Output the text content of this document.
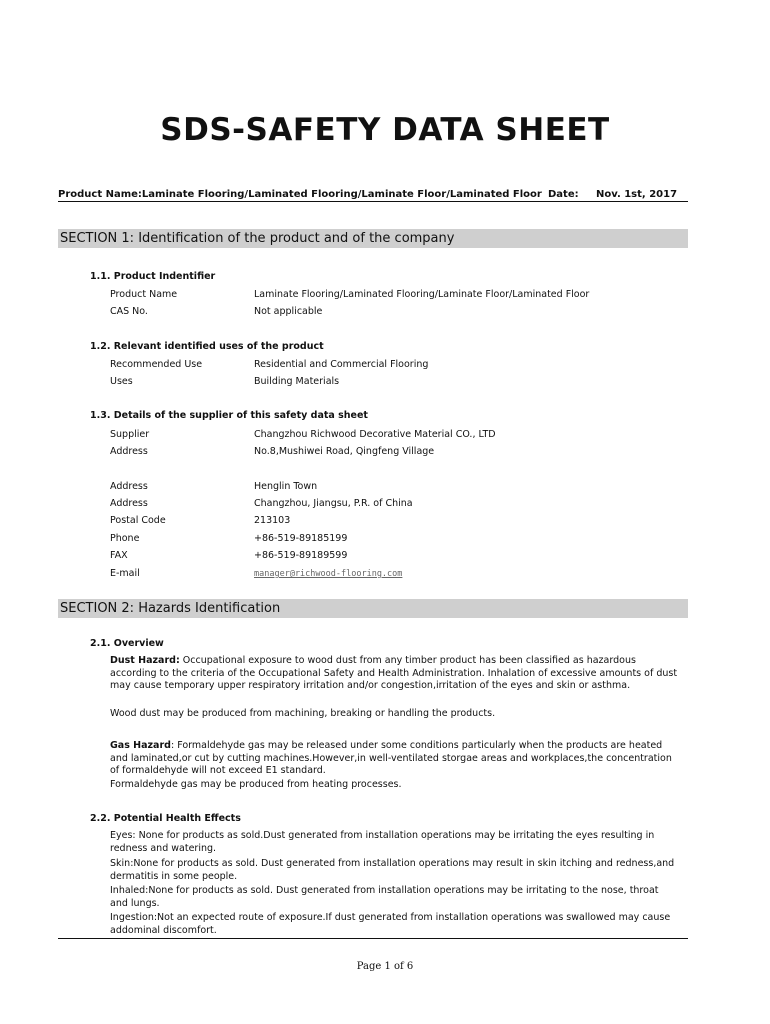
SDS-SAFETY DATA SHEET
Product Name:Laminate Flooring/Laminated Flooring/Laminate Floor/Laminated Floor Date: Nov. 1st, 2017
SECTION 1: Identification of the product and of the company
1.1. Product Indentifier
Product Name	Laminate Flooring/Laminated Flooring/Laminate Floor/Laminated Floor
CAS No.	Not applicable
1.2. Relevant identified uses of the product
Recommended Use	Residential and Commercial Flooring
Uses	Building Materials
1.3. Details of the supplier of this safety data sheet
Supplier	Changzhou Richwood Decorative Material CO., LTD
Address	No.8,Mushiwei Road, Qingfeng Village
Address	Henglin Town
Address	Changzhou, Jiangsu, P.R. of China
Postal Code	213103
Phone	+86-519-89185199
FAX	+86-519-89189599
E-mail	manager@richwood-flooring.com
SECTION 2: Hazards Identification
2.1. Overview

Dust Hazard: Occupational exposure to wood dust from any timber product has been classified as hazardous according to the criteria of the Occupational Safety and Health Administration. Inhalation of excessive amounts of dust may cause temporary upper respiratory irritation and/or congestion,irritation of the eyes and skin or asthma.

Wood dust may be produced from machining, breaking or handling the products.

Gas Hazard: Formaldehyde gas may be released under some conditions particularly when the products are heated and laminated,or cut by cutting machines.However,in well-ventilated storgae areas and workplaces,the concentration of formaldehyde will not exceed E1 standard.

Formaldehyde gas may be produced from heating processes.

2.2. Potential Health Effects

Eyes: None for products as sold.Dust generated from installation operations may be irritating the eyes resulting in redness and watering.

Skin:None for products as sold. Dust generated from installation operations may result in skin itching and redness,and dermatitis in some people.

Inhaled:None for products as sold. Dust generated from installation operations may be irritating to the nose, throat and lungs.

Ingestion:Not an expected route of exposure.If dust generated from installation operations was swallowed may cause addominal discomfort.

Page 1 of 6
